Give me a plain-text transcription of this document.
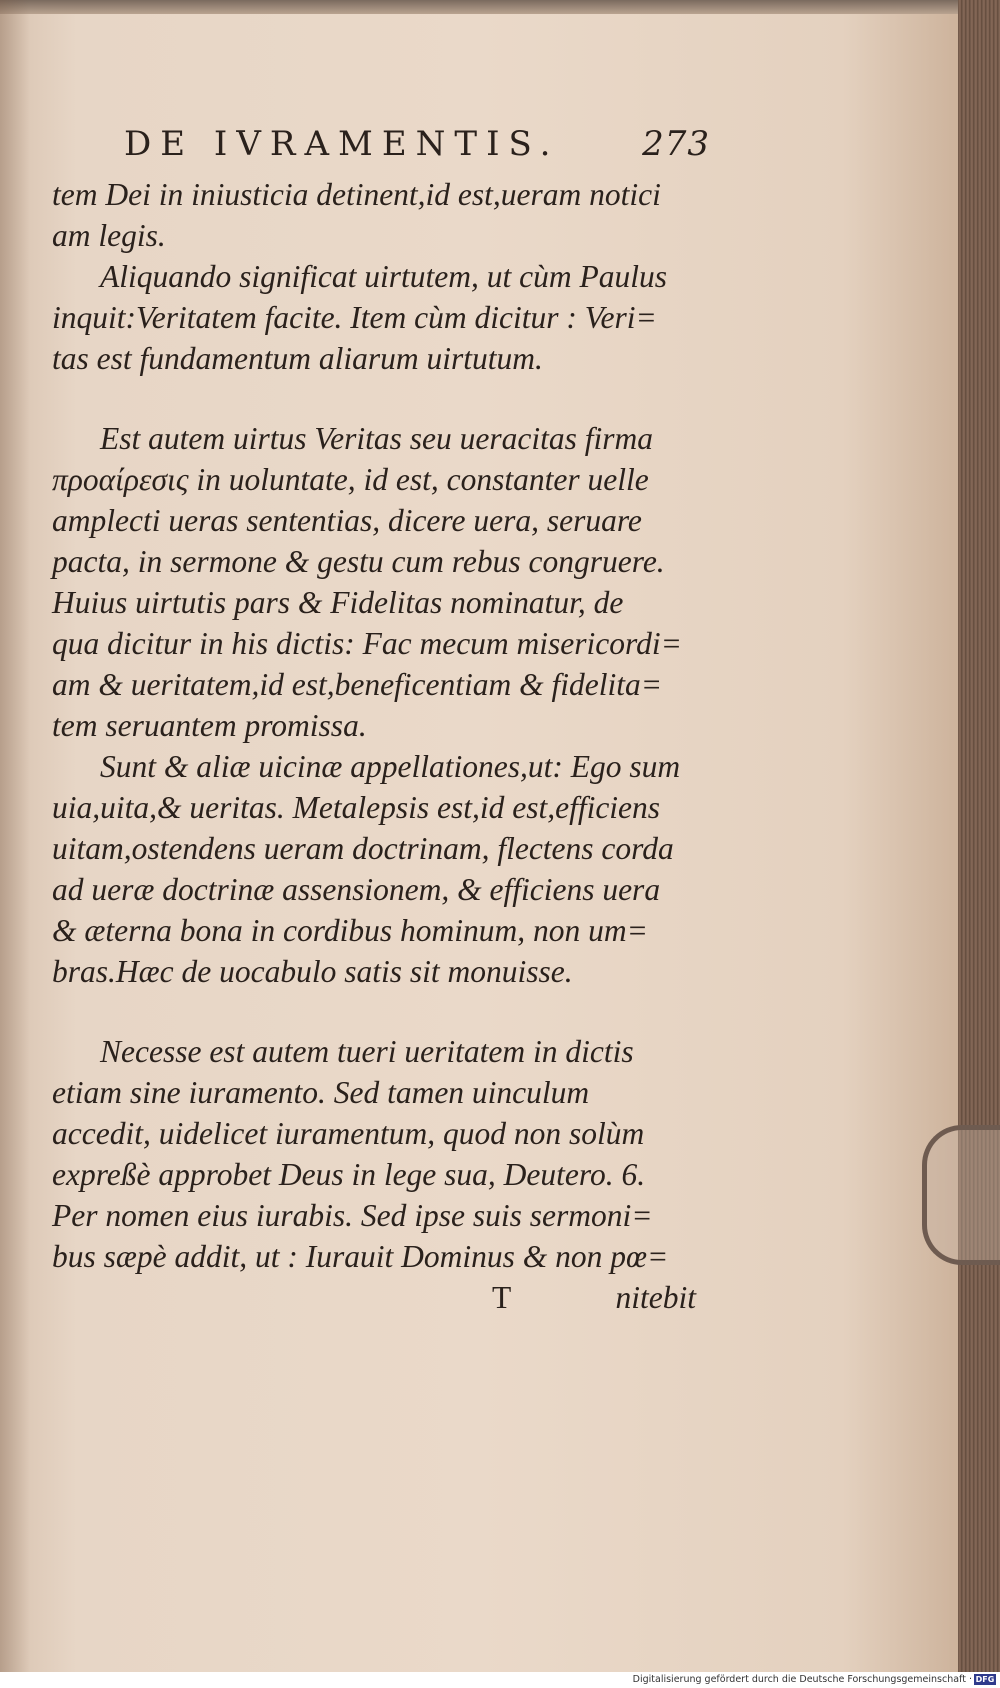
DE IVRAMENTIS. 273
tem Dei in iniusticia detinent,id est,ueram notici
am legis.
Aliquando significat uirtutem, ut cùm Paulus
inquit:Veritatem facite. Item cùm dicitur : Veri=
tas est fundamentum aliarum uirtutum.
Est autem uirtus Veritas seu ueracitas firma
προαίρεσις in uoluntate, id est, constanter uelle
amplecti ueras sententias, dicere uera, seruare
pacta, in sermone & gestu cum rebus congruere.
Huius uirtutis pars & Fidelitas nominatur, de
qua dicitur in his dictis: Fac mecum misericordi=
am & ueritatem,id est,beneficentiam & fidelita=
tem seruantem promissa.
Sunt & aliæ uicinæ appellationes,ut: Ego sum
uia,uita,& ueritas. Metalepsis est,id est,efficiens
uitam,ostendens ueram doctrinam, flectens corda
ad ueræ doctrinæ assensionem, & efficiens uera
& æterna bona in cordibus hominum, non um=
bras.Hæc de uocabulo satis sit monuisse.
Necesse est autem tueri ueritatem in dictis
etiam sine iuramento. Sed tamen uinculum
accedit, uidelicet iuramentum, quod non solùm
expreßè approbet Deus in lege sua, Deutero. 6.
Per nomen eius iurabis. Sed ipse suis sermoni=
bus sæpè addit, ut : Iurauit Dominus & non pœ=
T	nitebit
Digitalisierung gefördert durch die Deutsche Forschungsgemeinschaft · DFG
